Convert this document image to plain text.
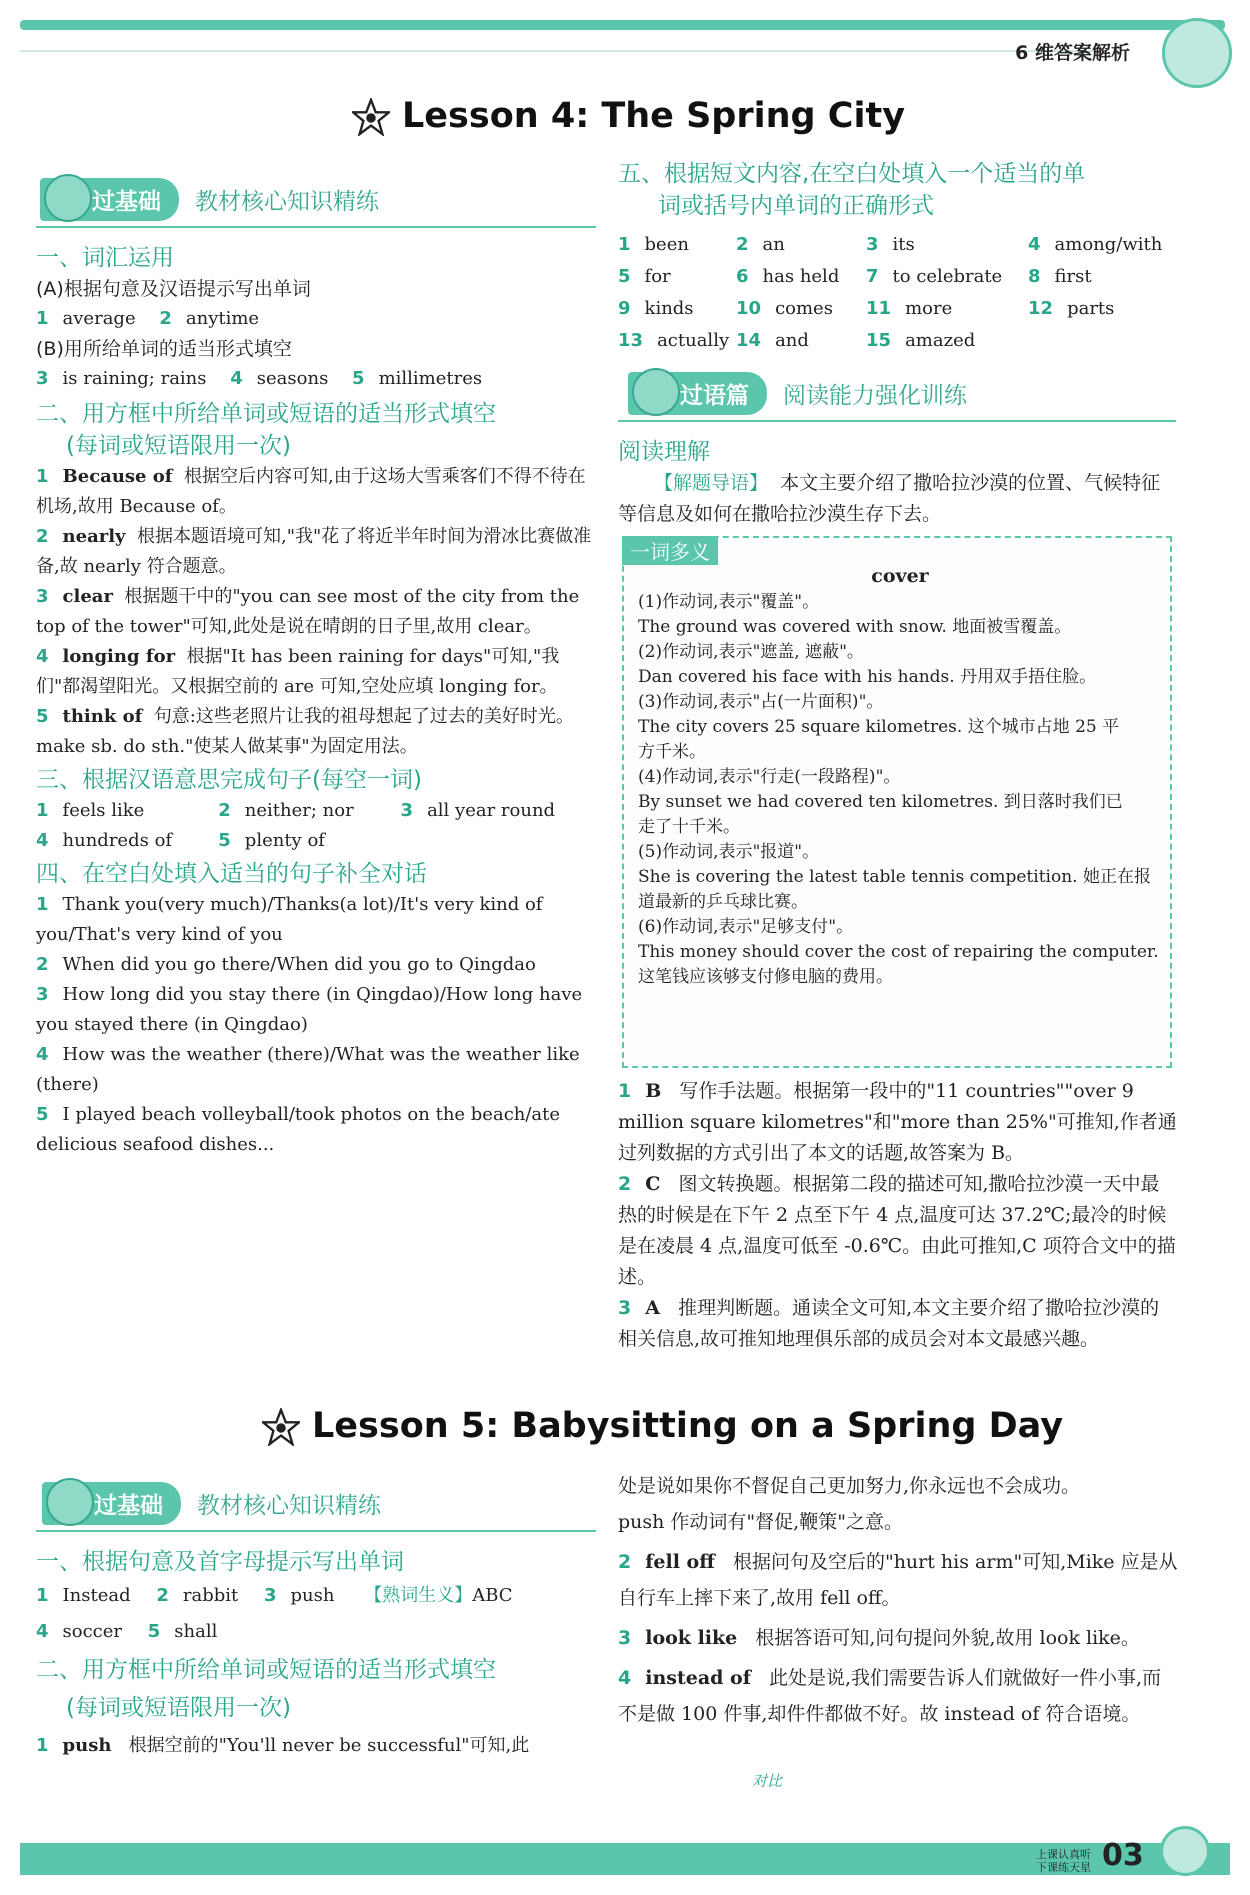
6 维答案解析
Lesson 4: The Spring City
过基础 教材核心知识精练
一、词汇运用
(A)根据句意及汉语提示写出单词
1 average 2 anytime
(B)用所给单词的适当形式填空
3 is raining; rains 4 seasons 5 millimetres
二、用方框中所给单词或短语的适当形式填空
(每词或短语限用一次)
1 Because of 根据空后内容可知,由于这场大雪乘客们不得不待在机场,故用 Because of。
2 nearly 根据本题语境可知,"我"花了将近半年时间为滑冰比赛做准备,故 nearly 符合题意。
3 clear 根据题干中的"you can see most of the city from the top of the tower"可知,此处是说在晴朗的日子里,故用 clear。
4 longing for 根据"It has been raining for days"可知,"我们"都渴望阳光。又根据空前的 are 可知,空处应填 longing for。
5 think of 句意:这些老照片让我的祖母想起了过去的美好时光。make sb. do sth."使某人做某事"为固定用法。
三、根据汉语意思完成句子(每空一词)
1 feels like	2 neither; nor	3 all year round
4 hundreds of	5 plenty of
四、在空白处填入适当的句子补全对话
1 Thank you(very much)/Thanks(a lot)/It's very kind of you/That's very kind of you
2 When did you go there/When did you go to Qingdao
3 How long did you stay there (in Qingdao)/How long have you stayed there (in Qingdao)
4 How was the weather (there)/What was the weather like (there)
5 I played beach volleyball/took photos on the beach/ate delicious seafood dishes...
五、根据短文内容,在空白处填入一个适当的单
词或括号内单词的正确形式
1 been	2 an	3 its	4 among/with
5 for	6 has held 7 to celebrate 8 first
9 kinds 10 comes 11 more	12 parts
13 actually 14 and	15 amazed
过语篇 阅读能力强化训练
阅读理解

【解题导语】 本文主要介绍了撒哈拉沙漠的位置、气候特征等信息及如何在撒哈拉沙漠生存下去。

一词多义
cover
(1)作动词,表示"覆盖"。
The ground was covered with snow. 地面被雪覆盖。
(2)作动词,表示"遮盖, 遮蔽"。
Dan covered his face with his hands. 丹用双手捂住脸。
(3)作动词,表示"占(一片面积)"。
The city covers 25 square kilometres. 这个城市占地 25 平
方千米。
(4)作动词,表示"行走(一段路程)"。
By sunset we had covered ten kilometres. 到日落时我们已
走了十千米。
(5)作动词,表示"报道"。
She is covering the latest table tennis competition. 她正在报
道最新的乒乓球比赛。
(6)作动词,表示"足够支付"。
This money should cover the cost of repairing the computer.
这笔钱应该够支付修电脑的费用。
1 B 写作手法题。根据第一段中的"11 countries""over 9 million square kilometres"和"more than 25%"可推知,作者通过列数据的方式引出了本文的话题,故答案为 B。
2 C 图文转换题。根据第二段的描述可知,撒哈拉沙漠一天中最热的时候是在下午 2 点至下午 4 点,温度可达 37.2℃;最冷的时候是在凌晨 4 点,温度可低至 -0.6℃。由此可推知,C 项符合文中的描述。
3 A 推理判断题。通读全文可知,本文主要介绍了撒哈拉沙漠的相关信息,故可推知地理俱乐部的成员会对本文最感兴趣。
Lesson 5: Babysitting on a Spring Day
过基础 教材核心知识精练
一、根据句意及首字母提示写出单词
1 Instead 2 rabbit 3 push 【熟词生义】ABC
4 soccer 5 shall
二、用方框中所给单词或短语的适当形式填空
(每词或短语限用一次)
1 push 根据空前的"You'll never be successful"可知,此
处是说如果你不督促自己更加努力,你永远也不会成功。
push 作动词有"督促,鞭策"之意。
2 fell off 根据问句及空后的"hurt his arm"可知,Mike 应是从自行车上摔下来了,故用 fell off。
3 look like 根据答语可知,问句提问外貌,故用 look like。
4 instead of 此处是说,我们需要告诉人们就做好一件小事,而不是做 100 件事,却件件都做不好。故 instead of 符合语境。
对比
上课认真听
下课练天星 03
